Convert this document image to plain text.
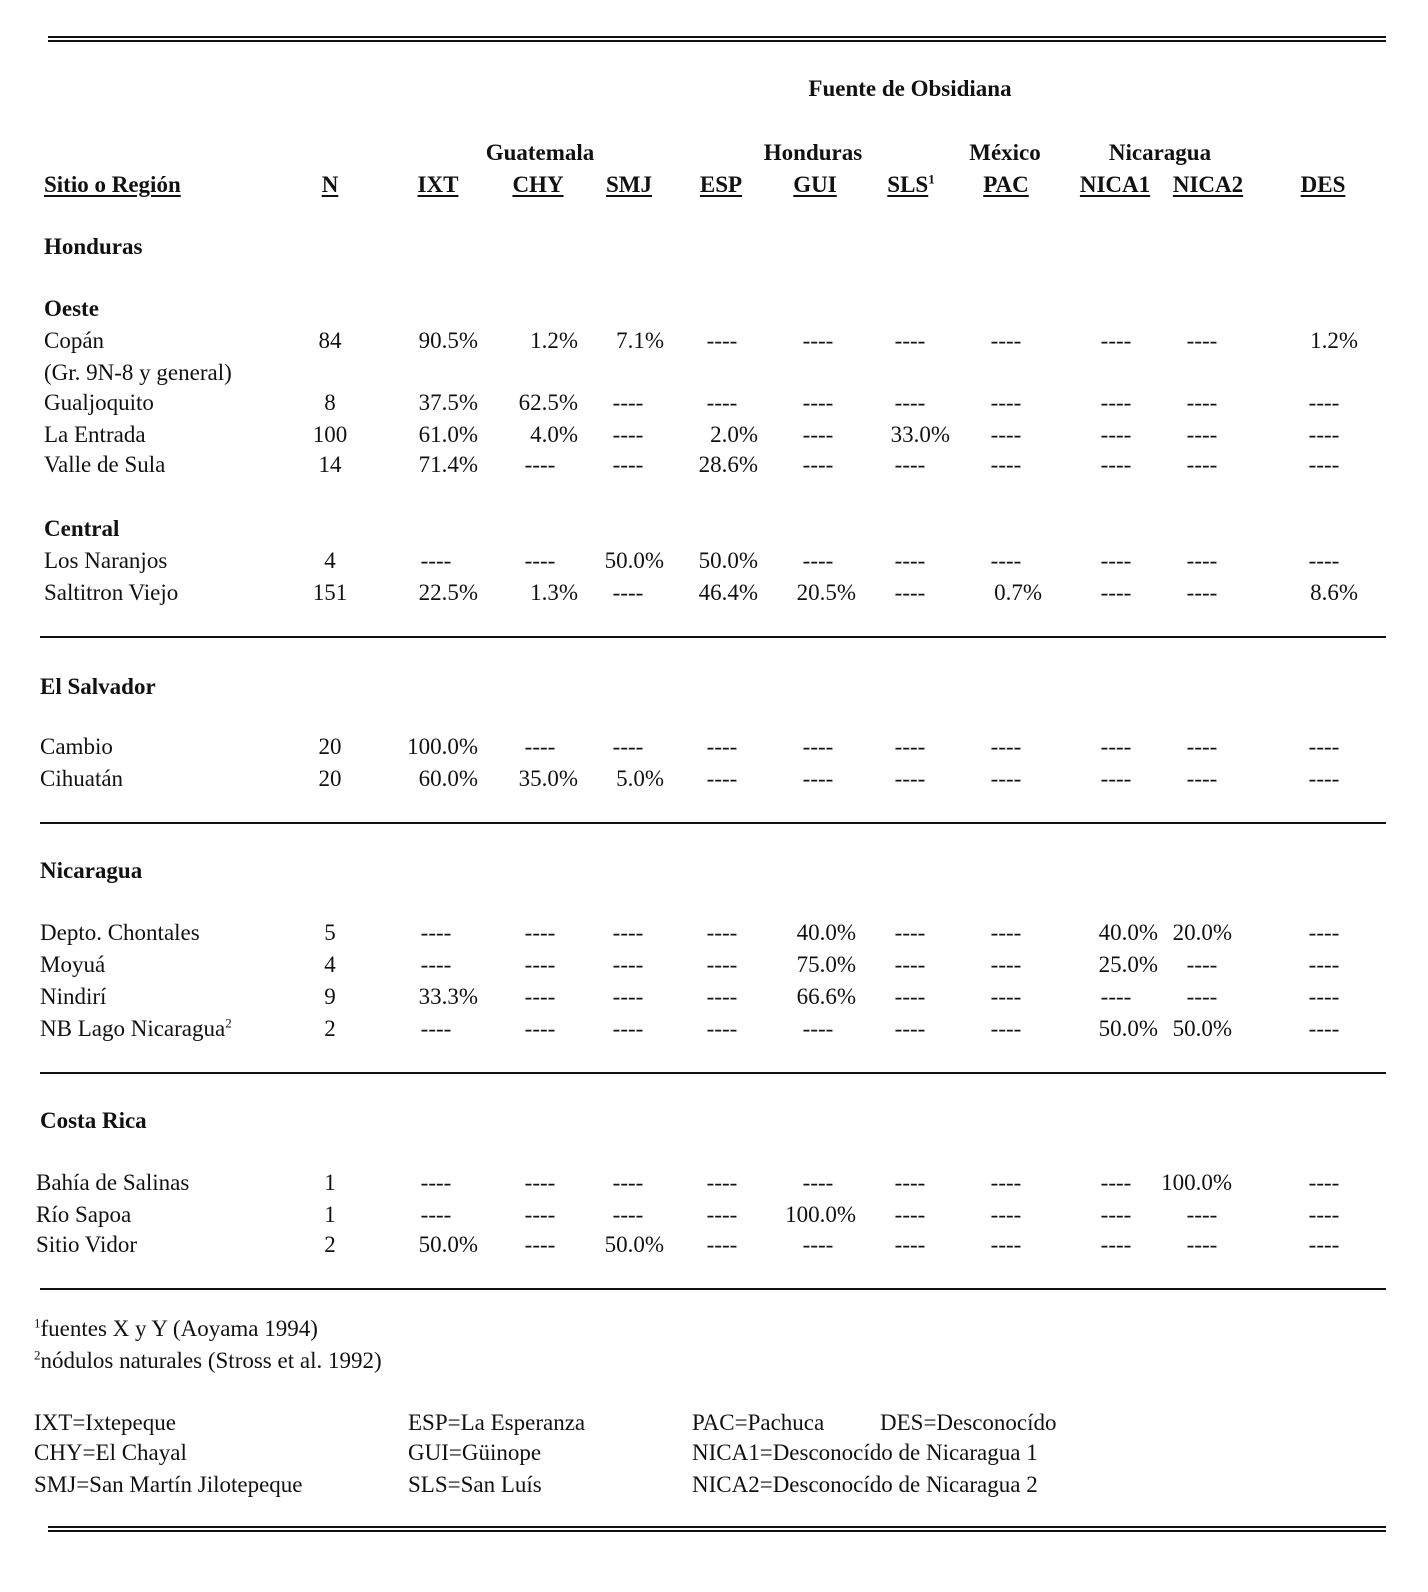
Fuente de Obsidiana
Guatemala	Honduras	México	Nicaragua
Sitio o Región	N	IXT CHY SMJ ESP GUI SLS$^1$ PAC NICA1 NICA2 DES
Honduras
Oeste
(Gr. 9N-8 y general)
Central
El Salvador
Nicaragua
Costa Rica
Copán	84	90.5% 1.2% 7.1% ----	----	----	----	---- ----	1.2%
Gualjoquito	8	37.5% 62.5% ----	----	----	----	----	---- ----	----
La Entrada	100	61.0% 4.0% ----	2.0% ---- 33.0% ----	---- ----	----
Valle de Sula	14	71.4% ---- ---- 28.6% ----	----	----	---- ----	----
Los Naranjos	4	----	---- 50.0% 50.0% ----	----	----	---- ----	----
Saltitron Viejo	151	22.5% 1.3% ---- 46.4% 20.5% ----	0.7%	---- ----	8.6%
Cambio	20	100.0% ---- ----	----	----	----	----	---- ----	----
Cihuatán	20	60.0% 35.0% 5.0% ----	----	----	----	---- ----	----
Depto. Chontales	5	----	---- ----	----	40.0% ----	----	40.0% 20.0%	----
Moyuá	4	----	---- ----	----	75.0% ----	----	25.0% ----	----
Nindirí	9	33.3% ---- ----	----	66.6% ----	----	---- ----	----
NB Lago Nicaragua$^2$	2	----	---- ----	----	----	----	----	50.0% 50.0%	----
Bahía de Salinas	1	----	---- ----	----	----	----	----	---- 100.0%	----
Río Sapoa	1	----	---- ----	---- 100.0% ----	----	---- ----	----
Sitio Vidor	2	50.0% ---- 50.0% ----	----	----	----	---- ----	----
$^1$fuentes X y Y (Aoyama 1994)
$^2$nódulos naturales (Stross et al. 1992)
IXT=Ixtepeque
CHY=El Chayal
SMJ=San Martín Jilotepeque
ESP=La Esperanza
GUI=Güinope
SLS=San Luís
PAC=Pachuca
NICA1=Desconocído de Nicaragua 1
NICA2=Desconocído de Nicaragua 2
DES=Desconocído
